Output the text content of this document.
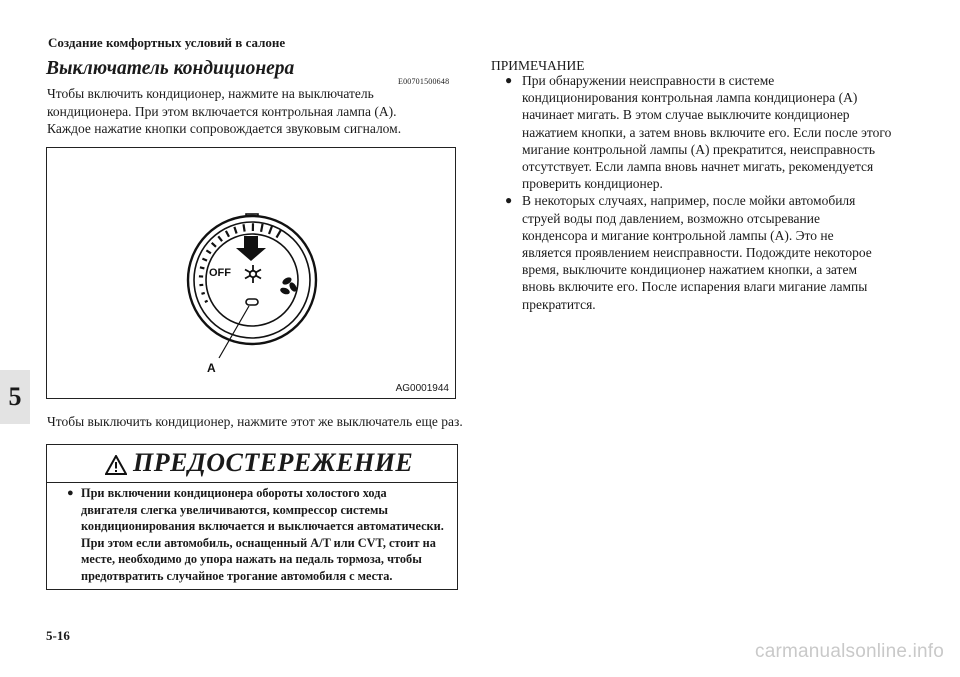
Создание комфортных условий в салоне
5
Выключатель кондиционера
E00701500648

Чтобы включить кондиционер, нажмите на выключатель

кондиционера. При этом включается контрольная лампа (A).

Каждое нажатие кнопки сопровождается звуковым сигналом.

OFF
A
AG0001944
Чтобы выключить кондиционер, нажмите этот же выключатель еще раз.
ПРЕДОСТЕРЕЖЕНИЕ
● При включении кондиционера обороты холостого хода
двигателя слегка увеличиваются, компрессор системы
кондиционирования включается и выключается автоматически.
При этом если автомобиль, оснащенный A/T или CVT, стоит на
месте, необходимо до упора нажать на педаль тормоза, чтобы
предотвратить случайное трогание автомобиля с места.
ПРИМЕЧАНИЕ
● При обнаружении неисправности в системе
кондиционирования контрольная лампа кондиционера (A)
начинает мигать. В этом случае выключите кондиционер
нажатием кнопки, а затем вновь включите его. Если после этого
мигание контрольной лампы (A) прекратится, неисправность
отсутствует. Если лампа вновь начнет мигать, рекомендуется
проверить кондиционер.
● В некоторых случаях, например, после мойки автомобиля
струей воды под давлением, возможно отсыревание
конденсора и мигание контрольной лампы (A). Это не
является проявлением неисправности. Подождите некоторое
время, выключите кондиционер нажатием кнопки, а затем
вновь включите его. После испарения влаги мигание лампы
прекратится.
5-16
carmanualsonline.info
